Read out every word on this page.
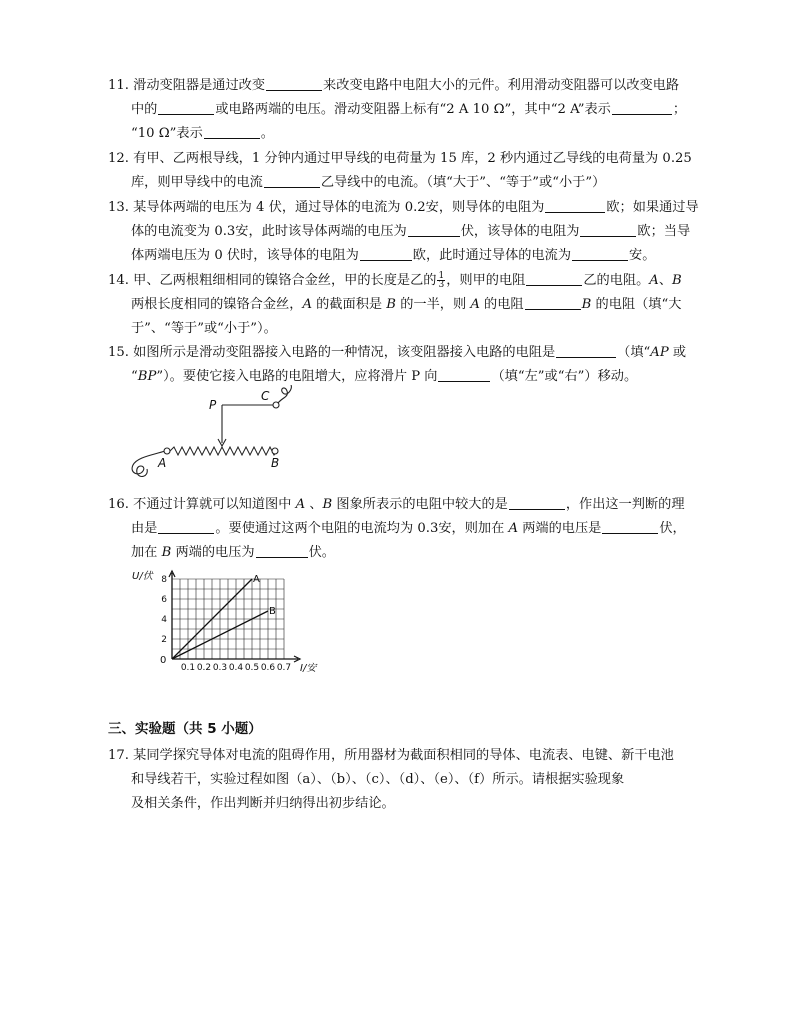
11. 滑动变阻器是通过改变	来改变电路中电阻大小的元件。利用滑动变阻器可以改变电路
中的	或电路两端的电压。滑动变阻器上标有“2 A 10 Ω”，其中“2 A”表示	；
“10 Ω”表示	。
12. 有甲、乙两根导线，1 分钟内通过甲导线的电荷量为 15 库，2 秒内通过乙导线的电荷量为 0.25
库，则甲导线中的电流	乙导线中的电流。（填“大于”、“等于”或“小于”）
13. 某导体两端的电压为 4 伏，通过导体的电流为 0.2安，则导体的电阻为	欧；如果通过导
体的电流变为 0.3安，此时该导体两端的电压为	伏，该导体的电阻为	欧；当导
体两端电压为 0 伏时，该导体的电阻为	欧，此时通过导体的电流为	安。
14. 甲、乙两根粗细相同的镍铬合金丝，甲的长度是乙的 $\frac{1}{3}$ ，则甲的电阻	乙的电阻。A、B
两根长度相同的镍铬合金丝，A 的截面积是 B 的一半，则 A 的电阻	B 的电阻（填“大
于”、“等于”或“小于”）。
15. 如图所示是滑动变阻器接入电路的一种情况，该变阻器接入电路的电阻是	（填“AP 或
“BP”）。要使它接入电路的电阻增大，应将滑片 P 向	（填“左”或“右”）移动。
P
C
A	B
16. 不通过计算就可以知道图中 A 、B 图象所表示的电阻中较大的是	，作出这一判断的理
由是	。要使通过这两个电阻的电流均为 0.3安，则加在 A 两端的电压是	伏，
加在 B 两端的电压为	伏。
0.1 0.2 0.3 0.4 0.5 0.6 0.7
2
4
6
8	A
B
U/伏
I/安
0
三、实验题（共 5 小题）
17. 某同学探究导体对电流的阻碍作用，所用器材为截面积相同的导体、电流表、电键、新干电池
和导线若干，实验过程如图（a）、（b）、（c）、（d）、（e）、（f）所示。请根据实验现象
及相关条件，作出判断并归纳得出初步结论。
